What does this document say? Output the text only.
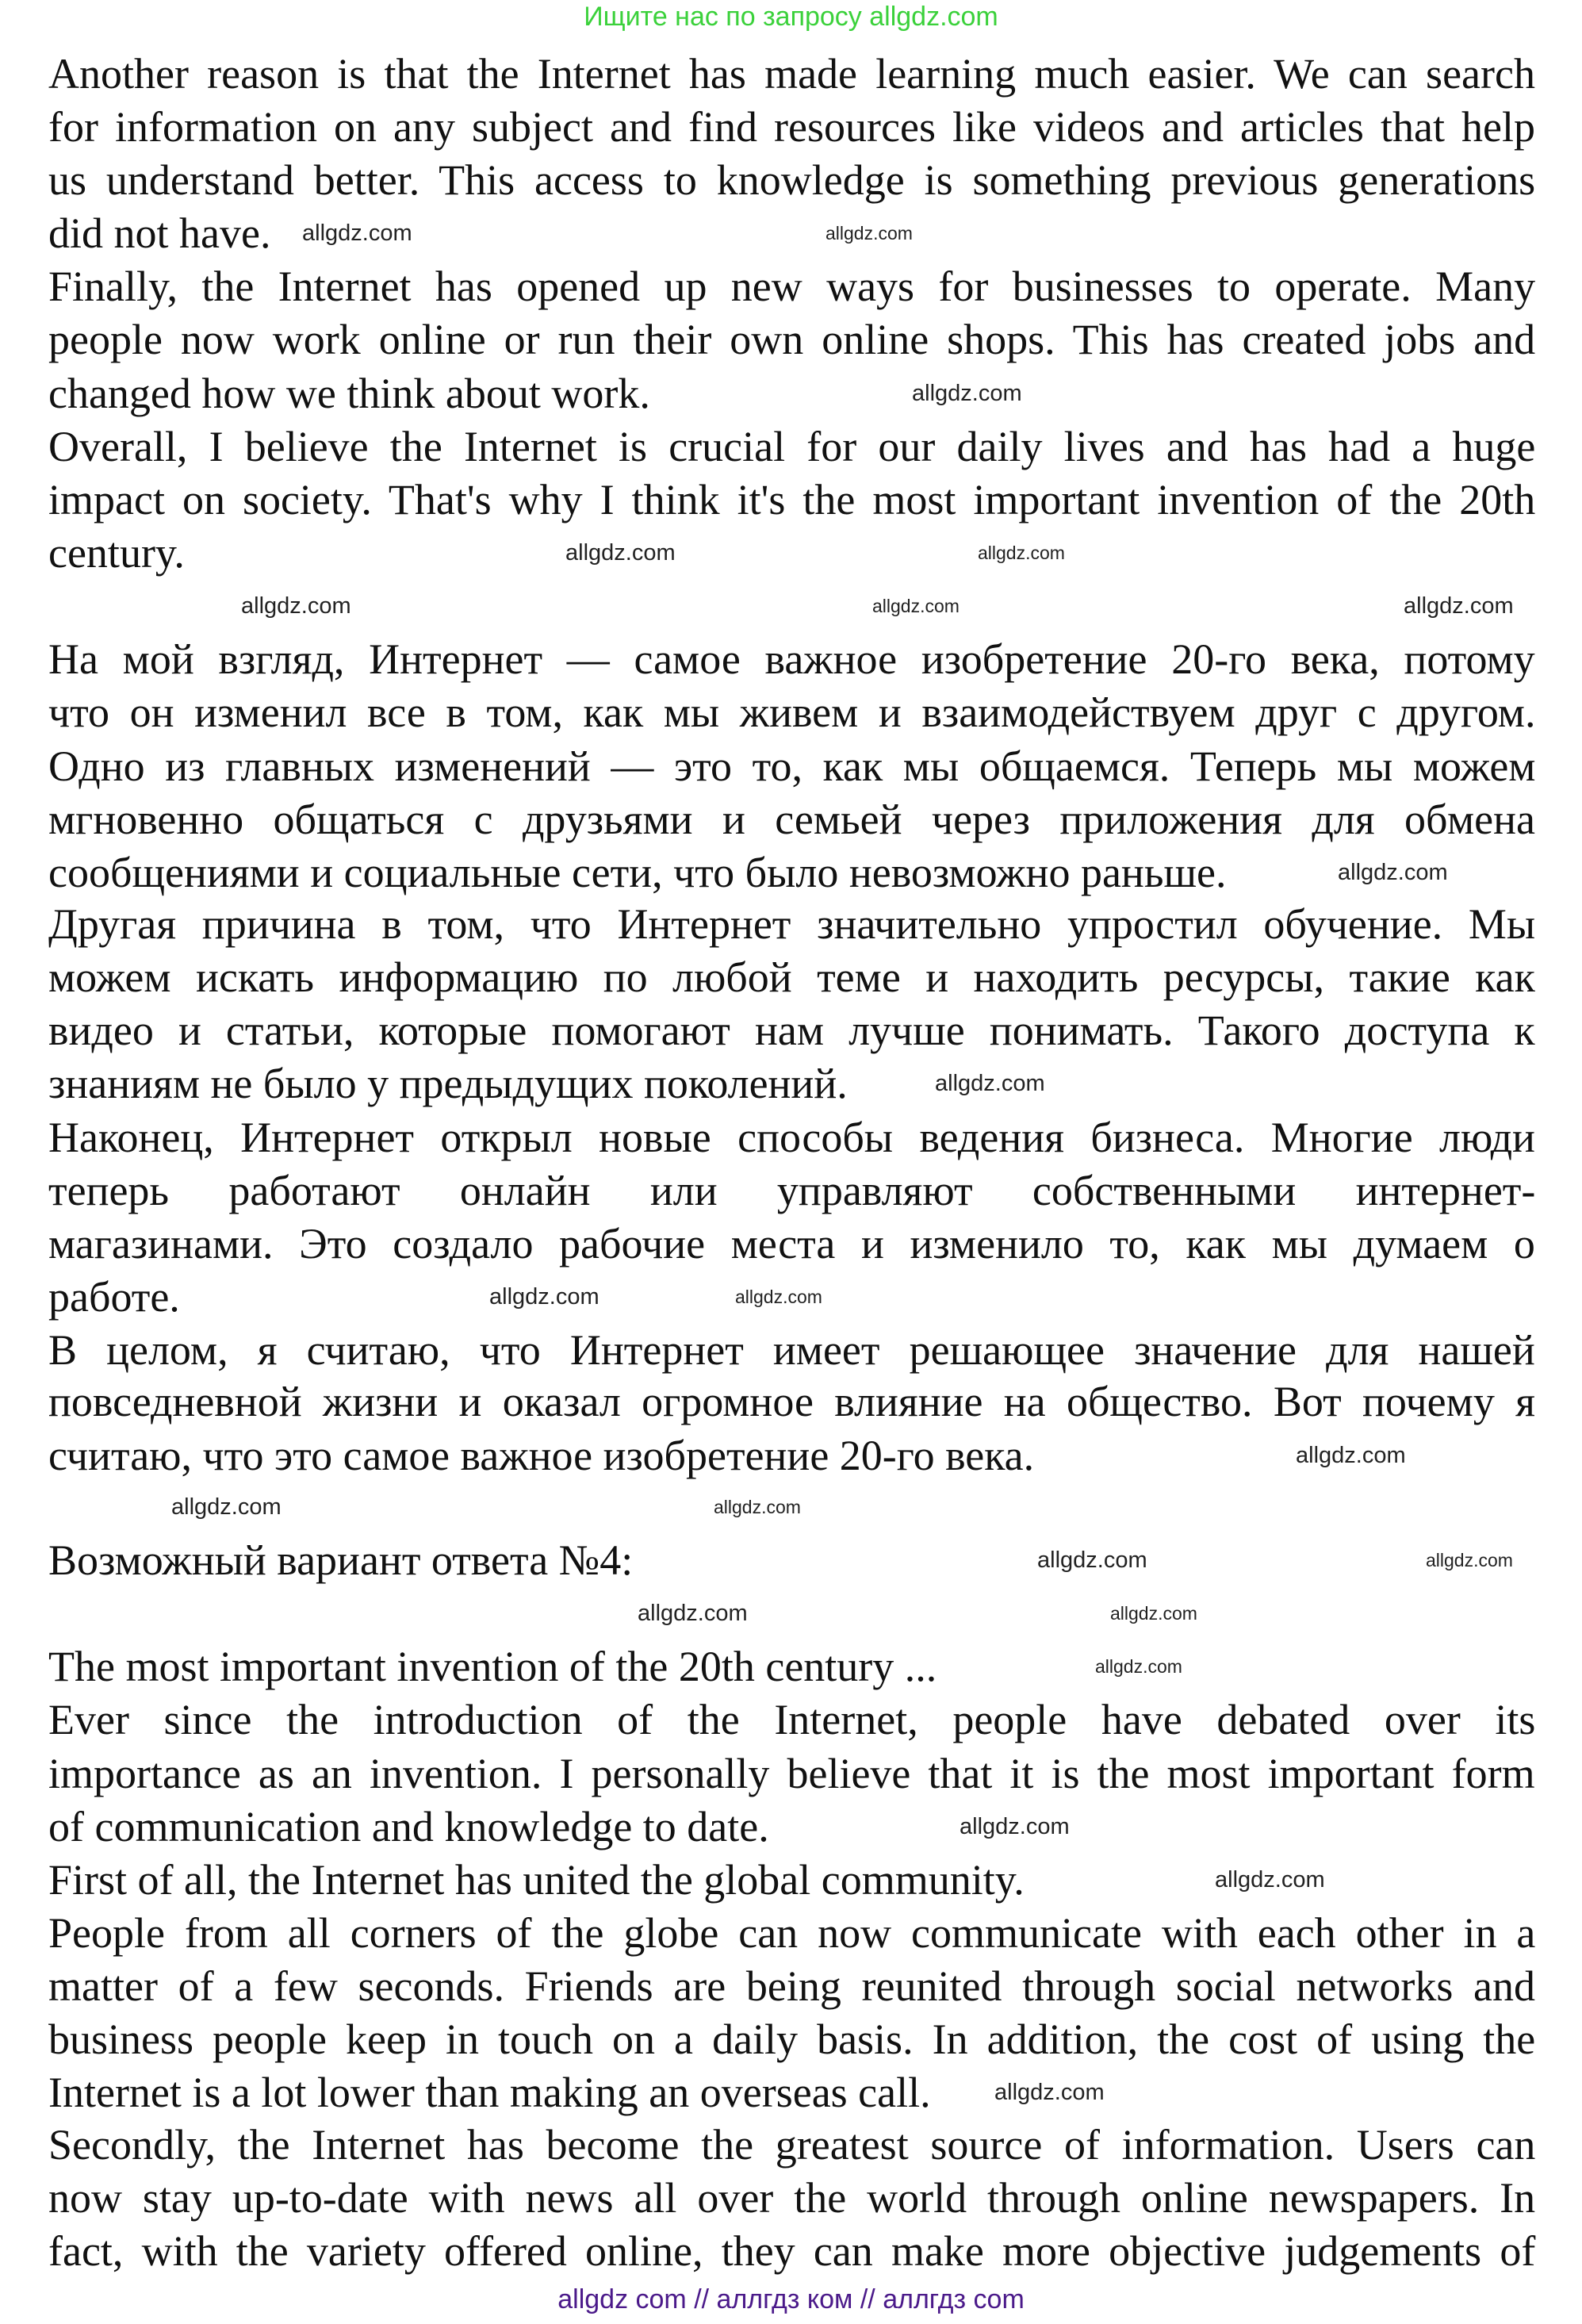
Ищите нас по запросу allgdz.com
Another reason is that the Internet has made learning much easier. We can search
for information on any subject and find resources like videos and articles that help
us understand better. This access to knowledge is something previous generations
did not have.
Finally, the Internet has opened up new ways for businesses to operate. Many
people now work online or run their own online shops. This has created jobs and
changed how we think about work.
Overall, I believe the Internet is crucial for our daily lives and has had a huge
impact on society. That's why I think it's the most important invention of the 20th
century.
На мой взгляд, Интернет — самое важное изобретение 20-го века, потому
что он изменил все в том, как мы живем и взаимодействуем друг с другом.
Одно из главных изменений — это то, как мы общаемся. Теперь мы можем
мгновенно общаться с друзьями и семьей через приложения для обмена
сообщениями и социальные сети, что было невозможно раньше.
Другая причина в том, что Интернет значительно упростил обучение. Мы
можем искать информацию по любой теме и находить ресурсы, такие как
видео и статьи, которые помогают нам лучше понимать. Такого доступа к
знаниям не было у предыдущих поколений.
Наконец, Интернет открыл новые способы ведения бизнеса. Многие люди
теперь работают онлайн или управляют собственными интернет-
магазинами. Это создало рабочие места и изменило то, как мы думаем о
работе.
В целом, я считаю, что Интернет имеет решающее значение для нашей
повседневной жизни и оказал огромное влияние на общество. Вот почему я
считаю, что это самое важное изобретение 20-го века.
Возможный вариант ответа №4:
The most important invention of the 20th century ...
Ever since the introduction of the Internet, people have debated over its
importance as an invention. I personally believe that it is the most important form
of communication and knowledge to date.
First of all, the Internet has united the global community.
People from all corners of the globe can now communicate with each other in a
matter of a few seconds. Friends are being reunited through social networks and
business people keep in touch on a daily basis. In addition, the cost of using the
Internet is a lot lower than making an overseas call.
Secondly, the Internet has become the greatest source of information. Users can
now stay up-to-date with news all over the world through online newspapers. In
fact, with the variety offered online, they can make more objective judgements of
allgdz.com
allgdz.com
allgdz.com
allgdz.com
allgdz.com
allgdz.com	allgdz.com
allgdz.com
allgdz.com
allgdz.com
allgdz.com
allgdz.com
allgdz.com
allgdz.com
allgdz.com
allgdz.com
allgdz.com
allgdz.com
allgdz.com
allgdz.com
allgdz.com
allgdz.com
allgdz.com
allgdz com // аллгдз ком // аллгдз com
